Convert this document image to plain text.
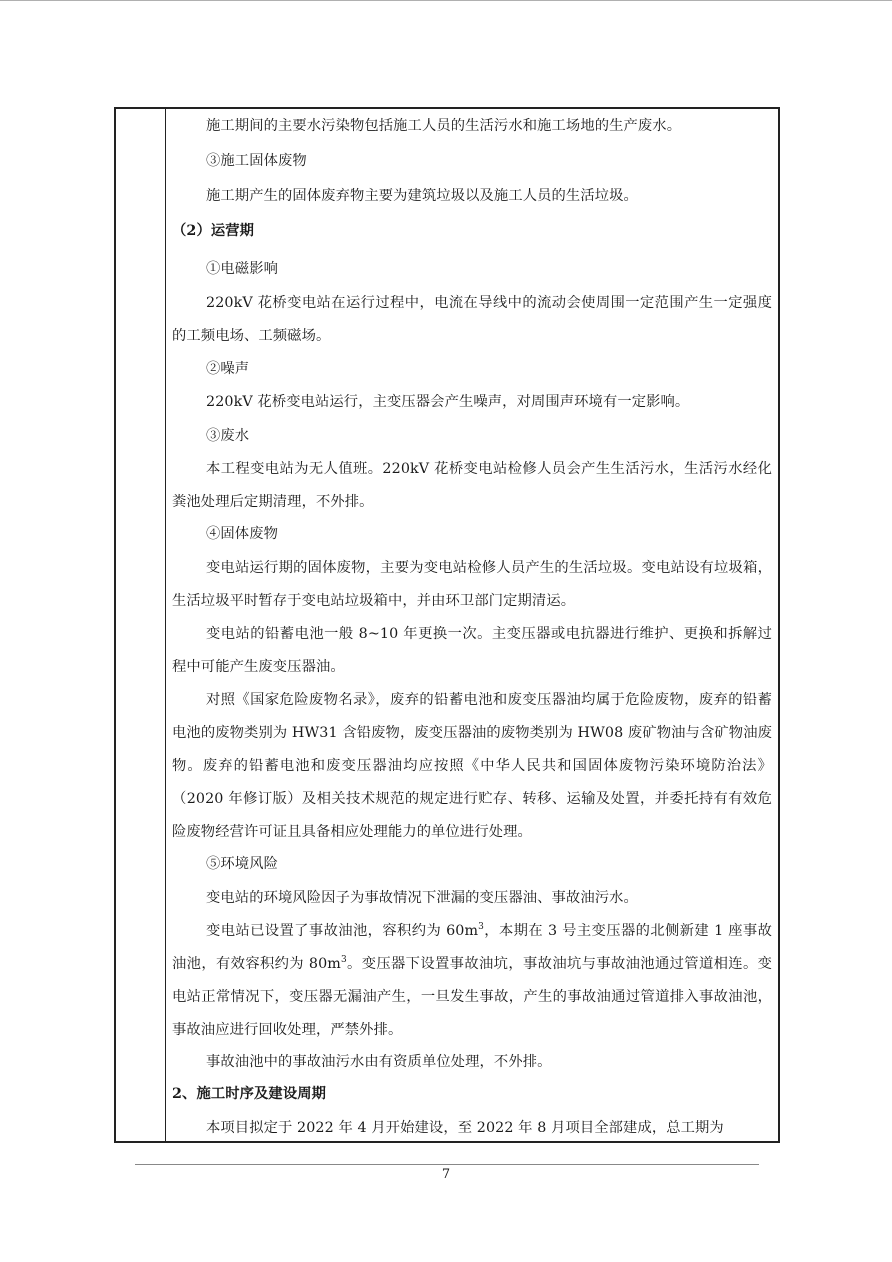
施工期间的主要水污染物包括施工人员的生活污水和施工场地的生产废水。
③施工固体废物
施工期产生的固体废弃物主要为建筑垃圾以及施工人员的生活垃圾。
（2）运营期
①电磁影响
220kV 花桥变电站在运行过程中，电流在导线中的流动会使周围一定范围产生一定强度的工频电场、工频磁场。
②噪声
220kV 花桥变电站运行，主变压器会产生噪声，对周围声环境有一定影响。
③废水
本工程变电站为无人值班。220kV 花桥变电站检修人员会产生生活污水，生活污水经化粪池处理后定期清理，不外排。
④固体废物
变电站运行期的固体废物，主要为变电站检修人员产生的生活垃圾。变电站设有垃圾箱，生活垃圾平时暂存于变电站垃圾箱中，并由环卫部门定期清运。
变电站的铅蓄电池一般 8~10 年更换一次。主变压器或电抗器进行维护、更换和拆解过程中可能产生废变压器油。
对照《国家危险废物名录》，废弃的铅蓄电池和废变压器油均属于危险废物，废弃的铅蓄电池的废物类别为 HW31 含铅废物，废变压器油的废物类别为 HW08 废矿物油与含矿物油废物。废弃的铅蓄电池和废变压器油均应按照《中华人民共和国固体废物污染环境防治法》（2020 年修订版）及相关技术规范的规定进行贮存、转移、运输及处置，并委托持有有效危险废物经营许可证且具备相应处理能力的单位进行处理。
⑤环境风险
变电站的环境风险因子为事故情况下泄漏的变压器油、事故油污水。
变电站已设置了事故油池，容积约为 $60m^3$，本期在 3 号主变压器的北侧新建 1 座事故油池，有效容积约为 $80m^3$。变压器下设置事故油坑，事故油坑与事故油池通过管道相连。变电站正常情况下，变压器无漏油产生，一旦发生事故，产生的事故油通过管道排入事故油池，事故油应进行回收处理，严禁外排。
事故油池中的事故油污水由有资质单位处理，不外排。
2、施工时序及建设周期
本项目拟定于 2022 年 4 月开始建设，至 2022 年 8 月项目全部建成，总工期为
7
